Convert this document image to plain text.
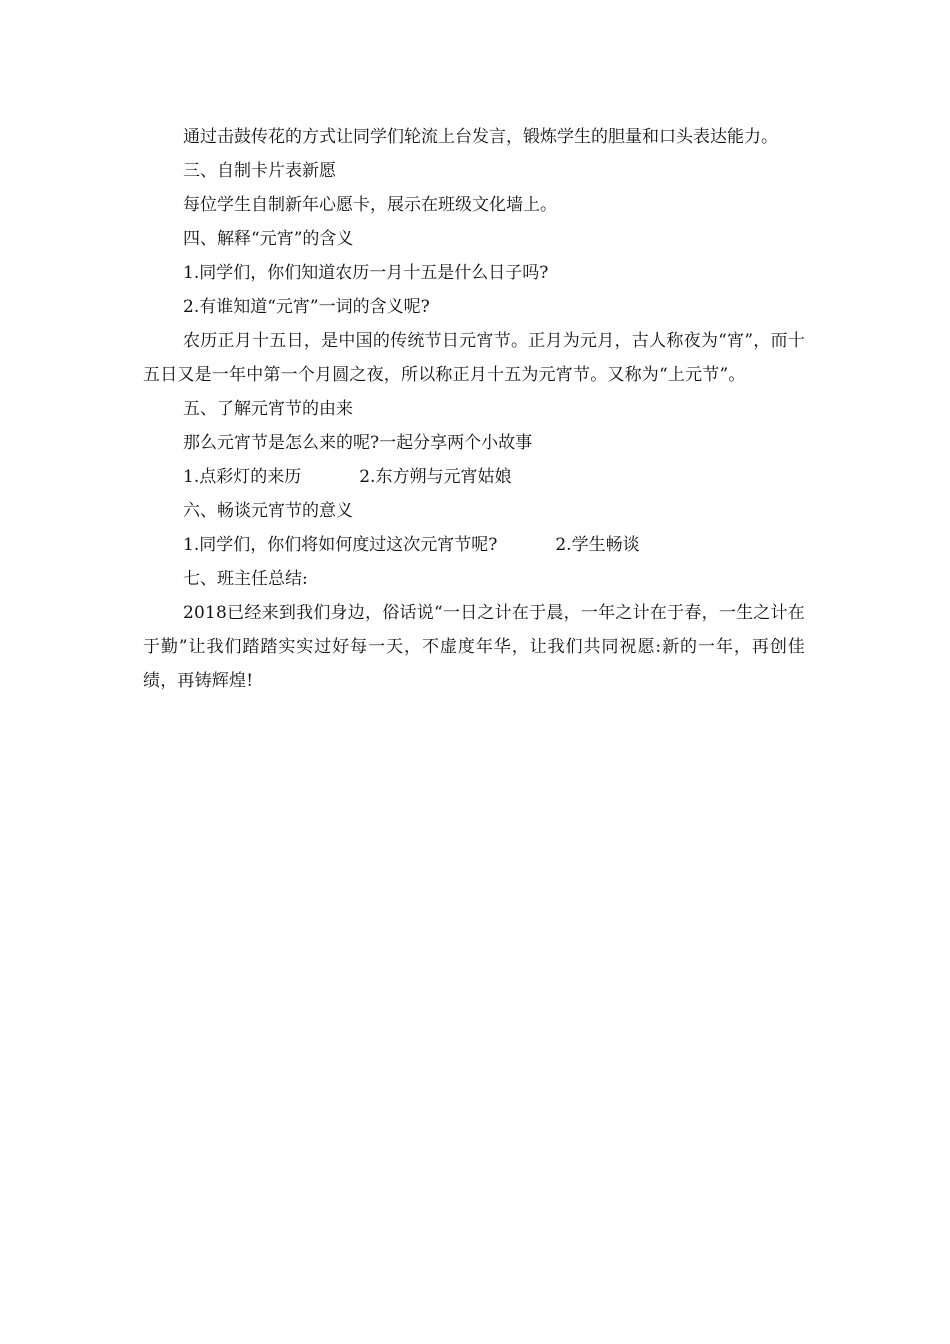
通过击鼓传花的方式让同学们轮流上台发言，锻炼学生的胆量和口头表达能力。

三、自制卡片表新愿

每位学生自制新年心愿卡，展示在班级文化墙上。

四、解释“元宵”的含义

1.同学们，你们知道农历一月十五是什么日子吗?

2.有谁知道“元宵”一词的含义呢?

农历正月十五日，是中国的传统节日元宵节。正月为元月，古人称夜为“宵”，而十五日又是一年中第一个月圆之夜，所以称正月十五为元宵节。又称为“上元节”。

五、了解元宵节的由来

那么元宵节是怎么来的呢?一起分享两个小故事

1.点彩灯的来历	2.东方朔与元宵姑娘

六、畅谈元宵节的意义

1.同学们，你们将如何度过这次元宵节呢?	2.学生畅谈

七、班主任总结:

2018已经来到我们身边，俗话说“一日之计在于晨，一年之计在于春，一生之计在于勤”让我们踏踏实实过好每一天，不虚度年华，让我们共同祝愿:新的一年，再创佳绩，再铸辉煌!
